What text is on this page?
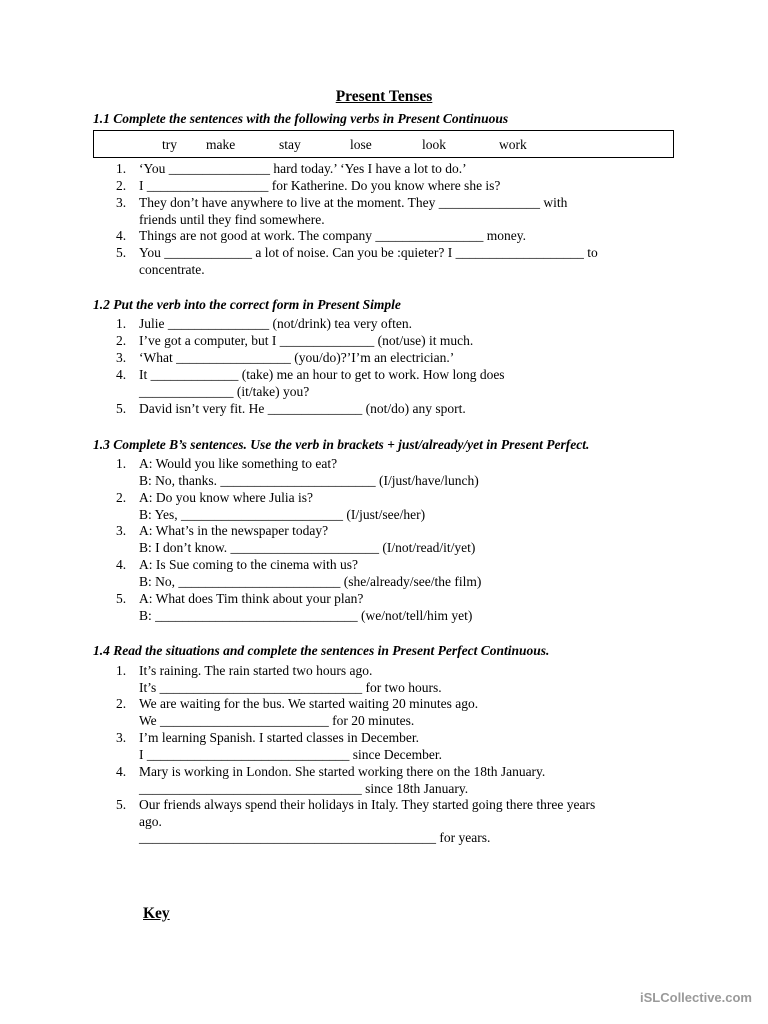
Present Tenses
1.1 Complete the sentences with the following verbs in Present Continuous
try make	stay	lose	look	work
1. ‘You _______________ hard today.’ ‘Yes I have a lot to do.’
2. I __________________ for Katherine. Do you know where she is?
3. They don’t have anywhere to live at the moment. They _______________ with
friends until they find somewhere.
4. Things are not good at work. The company ________________ money.
5. You _____________ a lot of noise. Can you be :quieter? I ___________________ to
concentrate.
1.2 Put the verb into the correct form in Present Simple
1. Julie _______________ (not/drink) tea very often.
2. I’ve got a computer, but I ______________ (not/use) it much.
3. ‘What _________________ (you/do)?’I’m an electrician.’
4. It _____________ (take) me an hour to get to work. How long does
______________ (it/take) you?
5. David isn’t very fit. He ______________ (not/do) any sport.
1.3 Complete B’s sentences. Use the verb in brackets + just/already/yet in Present Perfect.
1. A: Would you like something to eat?
B: No, thanks. _______________________ (I/just/have/lunch)
2. A: Do you know where Julia is?
B: Yes, ________________________ (I/just/see/her)
3. A: What’s in the newspaper today?
B: I don’t know. ______________________ (I/not/read/it/yet)
4. A: Is Sue coming to the cinema with us?
B: No, ________________________ (she/already/see/the film)
5. A: What does Tim think about your plan?
B: ______________________________ (we/not/tell/him yet)
1.4 Read the situations and complete the sentences in Present Perfect Continuous.
1. It’s raining. The rain started two hours ago.
It’s ______________________________ for two hours.
2. We are waiting for the bus. We started waiting 20 minutes ago.
We _________________________ for 20 minutes.
3. I’m learning Spanish. I started classes in December.
I ______________________________ since December.
4. Mary is working in London. She started working there on the 18th January.
_________________________________ since 18th January.
5. Our friends always spend their holidays in Italy. They started going there three years
ago.
____________________________________________ for years.
Key
iSLCollective.com
